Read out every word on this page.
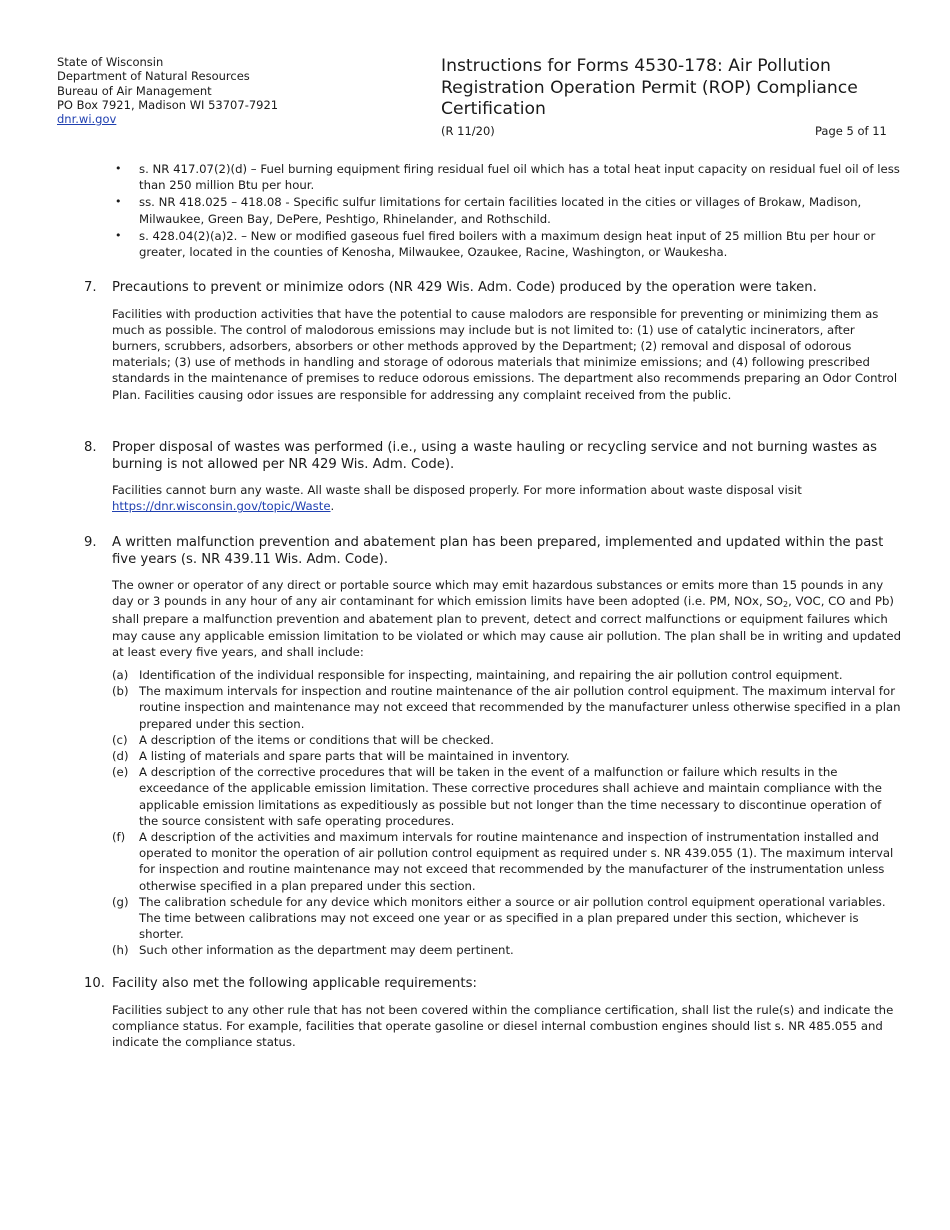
State of Wisconsin
Department of Natural Resources
Bureau of Air Management
PO Box 7921, Madison WI 53707-7921
dnr.wi.gov
Instructions for Forms 4530-178: Air Pollution Registration Operation Permit (ROP) Compliance Certification
(R 11/20)	Page 5 of 11
• s. NR 417.07(2)(d) – Fuel burning equipment firing residual fuel oil which has a total heat input capacity on residual fuel oil of less than 250 million Btu per hour.
• ss. NR 418.025 – 418.08 - Specific sulfur limitations for certain facilities located in the cities or villages of Brokaw, Madison, Milwaukee, Green Bay, DePere, Peshtigo, Rhinelander, and Rothschild.
• s. 428.04(2)(a)2. – New or modified gaseous fuel fired boilers with a maximum design heat input of 25 million Btu per hour or greater, located in the counties of Kenosha, Milwaukee, Ozaukee, Racine, Washington, or Waukesha.
7. Precautions to prevent or minimize odors (NR 429 Wis. Adm. Code) produced by the operation were taken.
Facilities with production activities that have the potential to cause malodors are responsible for preventing or minimizing them as much as possible. The control of malodorous emissions may include but is not limited to: (1) use of catalytic incinerators, after burners, scrubbers, adsorbers, absorbers or other methods approved by the Department; (2) removal and disposal of odorous materials; (3) use of methods in handling and storage of odorous materials that minimize emissions; and (4) following prescribed standards in the maintenance of premises to reduce odorous emissions. The department also recommends preparing an Odor Control Plan. Facilities causing odor issues are responsible for addressing any complaint received from the public.
8. Proper disposal of wastes was performed (i.e., using a waste hauling or recycling service and not burning wastes as burning is not allowed per NR 429 Wis. Adm. Code).
Facilities cannot burn any waste. All waste shall be disposed properly. For more information about waste disposal visit https://dnr.wisconsin.gov/topic/Waste.
9. A written malfunction prevention and abatement plan has been prepared, implemented and updated within the past five years (s. NR 439.11 Wis. Adm. Code).
The owner or operator of any direct or portable source which may emit hazardous substances or emits more than 15 pounds in any day or 3 pounds in any hour of any air contaminant for which emission limits have been adopted (i.e. PM, NOx, $SO_2$, VOC, CO and Pb) shall prepare a malfunction prevention and abatement plan to prevent, detect and correct malfunctions or equipment failures which may cause any applicable emission limitation to be violated or which may cause air pollution. The plan shall be in writing and updated at least every five years, and shall include:
(a) Identification of the individual responsible for inspecting, maintaining, and repairing the air pollution control equipment.
(b) The maximum intervals for inspection and routine maintenance of the air pollution control equipment. The maximum interval for routine inspection and maintenance may not exceed that recommended by the manufacturer unless otherwise specified in a plan prepared under this section.
(c) A description of the items or conditions that will be checked.
(d) A listing of materials and spare parts that will be maintained in inventory.
(e) A description of the corrective procedures that will be taken in the event of a malfunction or failure which results in the exceedance of the applicable emission limitation. These corrective procedures shall achieve and maintain compliance with the applicable emission limitations as expeditiously as possible but not longer than the time necessary to discontinue operation of the source consistent with safe operating procedures.
(f) A description of the activities and maximum intervals for routine maintenance and inspection of instrumentation installed and operated to monitor the operation of air pollution control equipment as required under s. NR 439.055 (1). The maximum interval for inspection and routine maintenance may not exceed that recommended by the manufacturer of the instrumentation unless otherwise specified in a plan prepared under this section.
(g) The calibration schedule for any device which monitors either a source or air pollution control equipment operational variables. The time between calibrations may not exceed one year or as specified in a plan prepared under this section, whichever is shorter.
(h) Such other information as the department may deem pertinent.
10. Facility also met the following applicable requirements:
Facilities subject to any other rule that has not been covered within the compliance certification, shall list the rule(s) and indicate the compliance status. For example, facilities that operate gasoline or diesel internal combustion engines should list s. NR 485.055 and indicate the compliance status.
